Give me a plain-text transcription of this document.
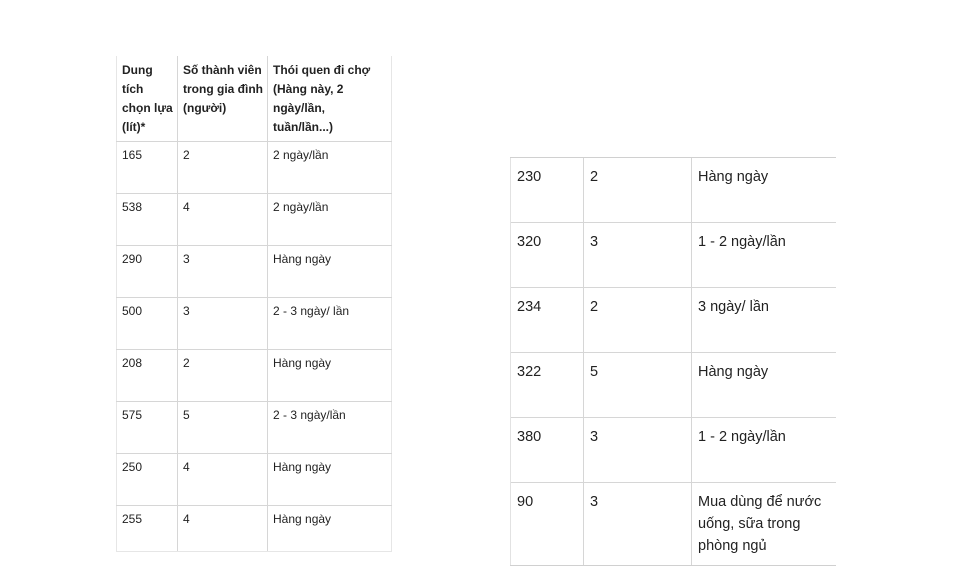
Dung tích chọn lựa (lít)*	Số thành viên trong gia đình (người)	Thói quen đi chợ (Hàng này, 2 ngày/lần, tuần/lần...)
165	2	2 ngày/lần
538	4	2 ngày/lần
290	3	Hàng ngày
500	3	2 - 3 ngày/ lần
208	2	Hàng ngày
575	5	2 - 3 ngày/lần
250	4	Hàng ngày
255	4	Hàng ngày
230	2	Hàng ngày
320	3	1 - 2 ngày/lần
234	2	3 ngày/ lần
322	5	Hàng ngày
380	3	1 - 2 ngày/lần
90	3	Mua dùng để nước uống, sữa trong phòng ngủ
